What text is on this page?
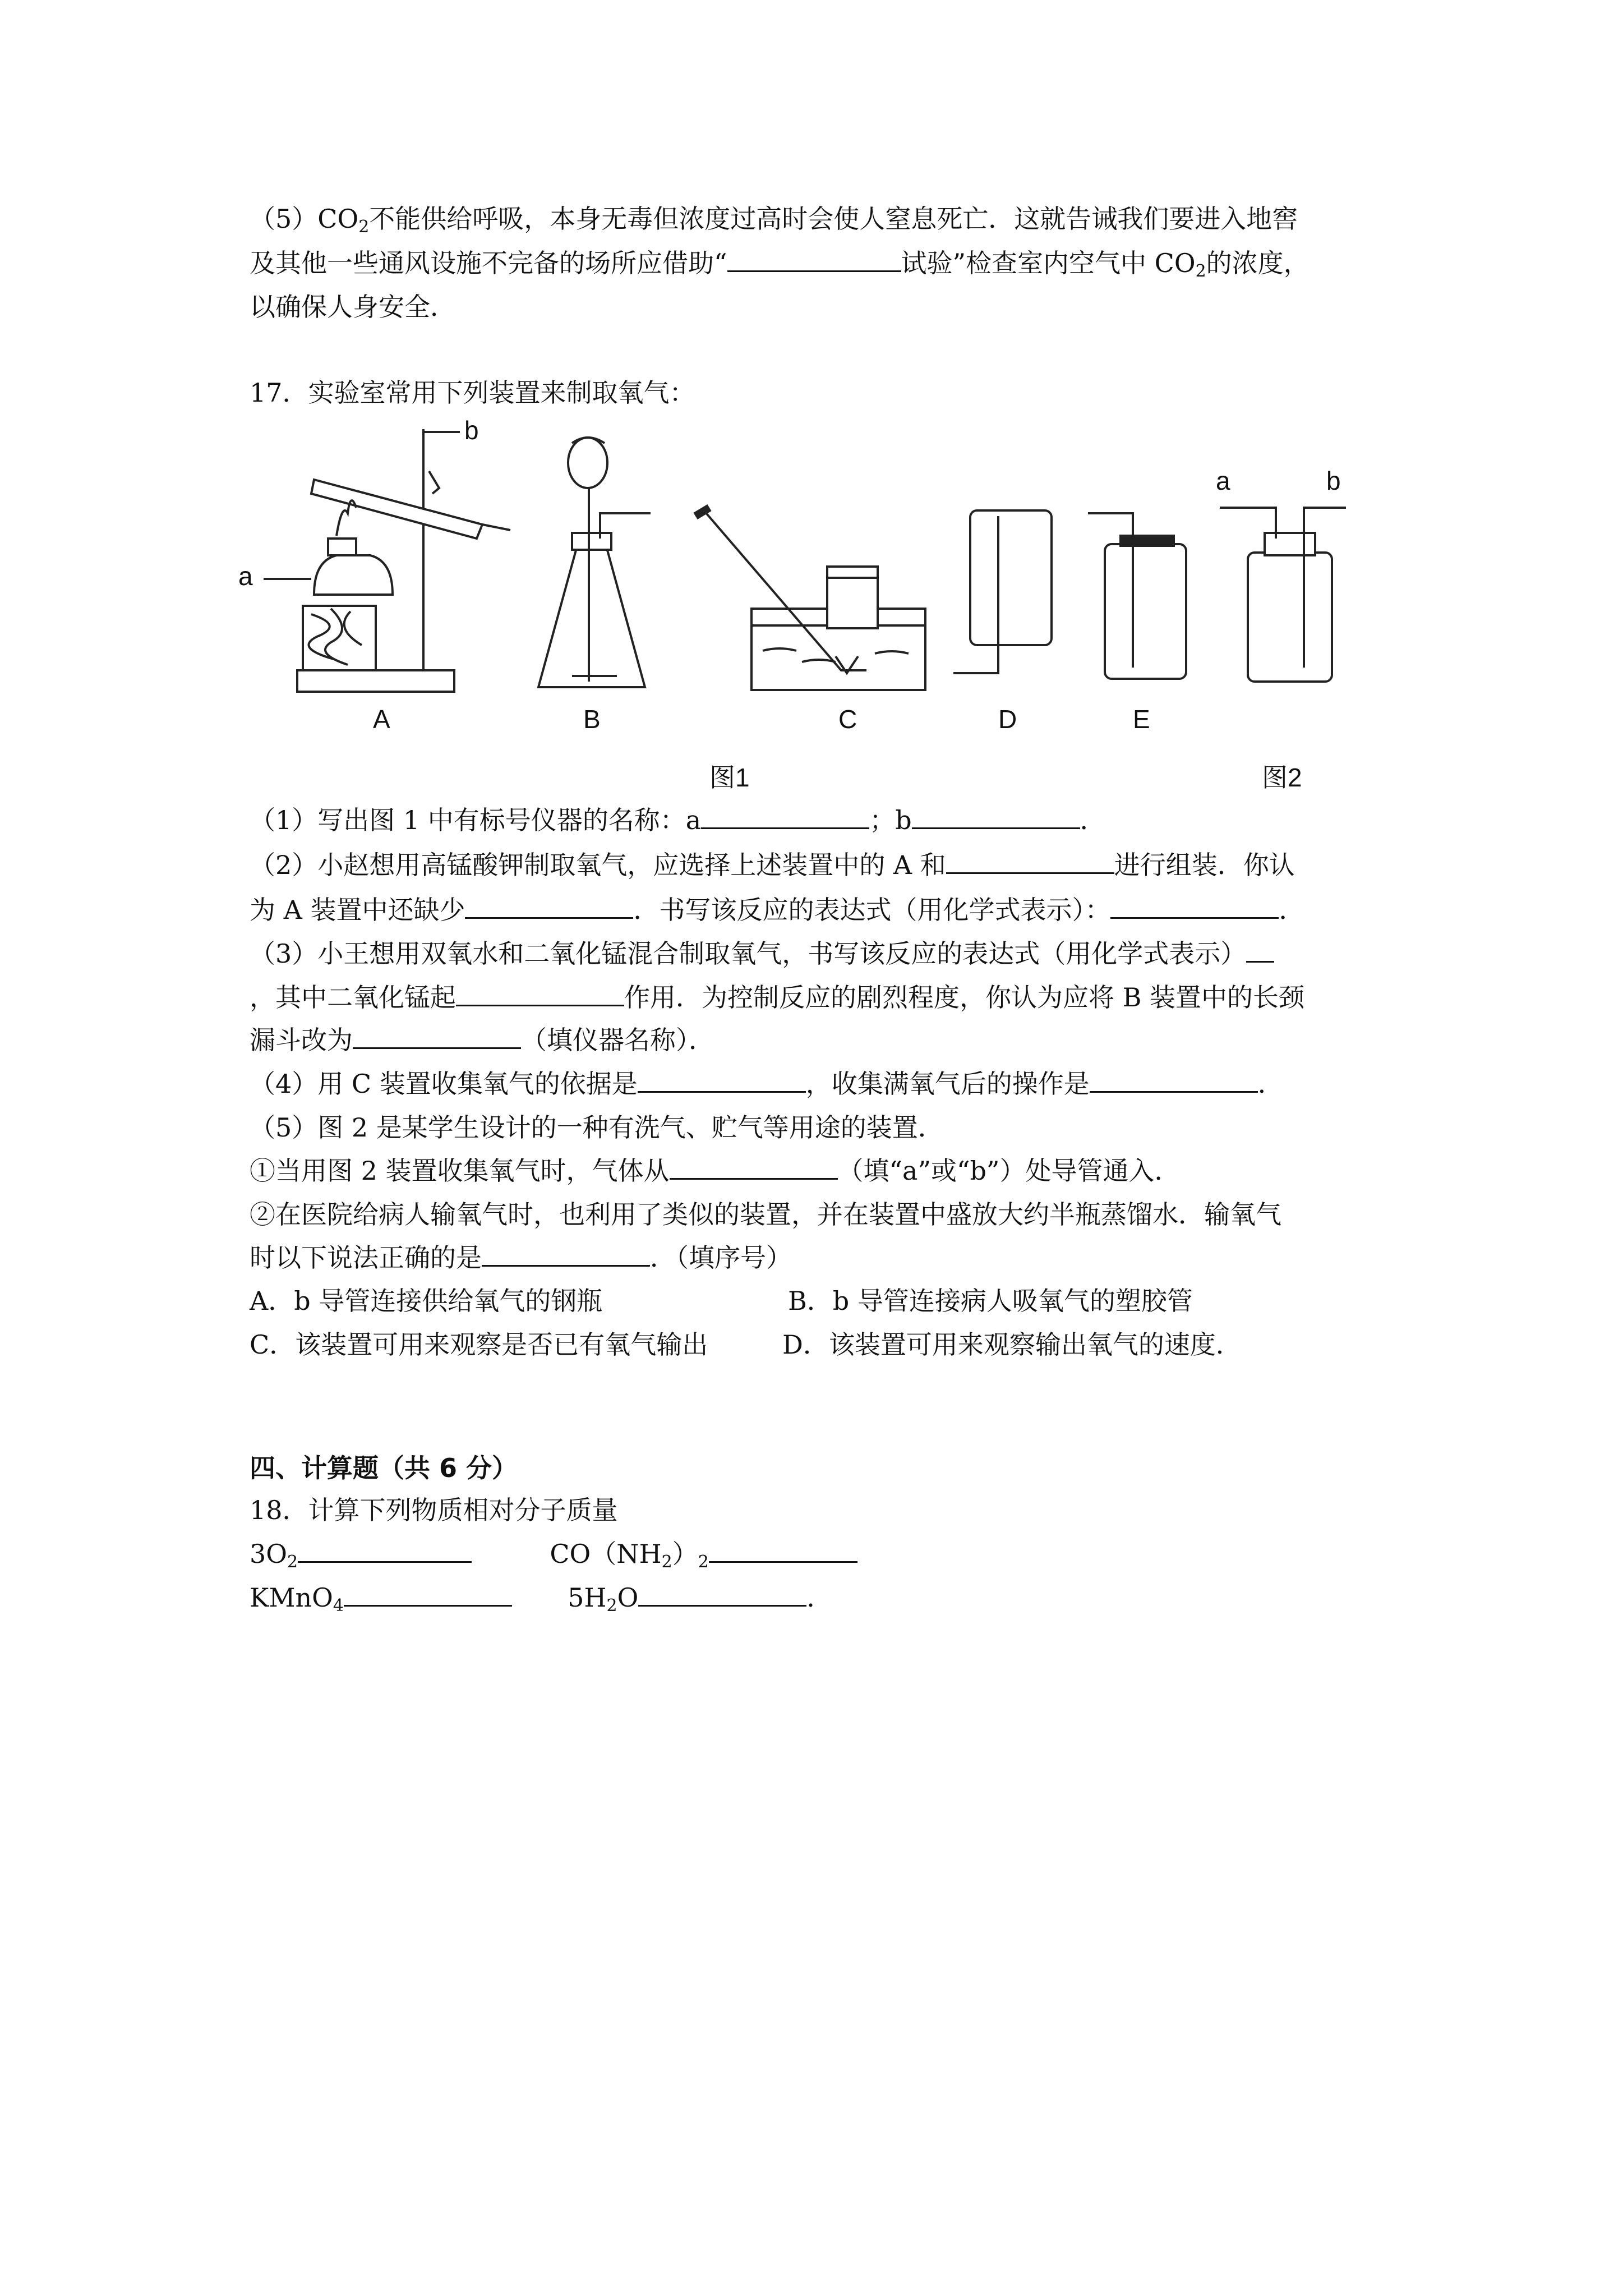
$(5)CO_2$不能供给呼吸，本身无毒但浓度过高时会使人窒息死亡．这就告诫我们要进入地窖
及其他一些通风设施不完备的场所应借助“	试验”检查室内空气中 $CO_2$的浓度，
以确保人身安全．
17．实验室常用下列装置来制取氧气：
a
b
a	b
A	B	C	D	E
图1	图2
（1）写出图 1 中有标号仪器的名称：a	；b	．
（2）小赵想用高锰酸钾制取氧气，应选择上述装置中的 A 和	进行组装．你认
为 A 装置中还缺少	．书写该反应的表达式（用化学式表示）：	．
（3）小王想用双氧水和二氧化锰混合制取氧气，书写该反应的表达式（用化学式表示）
，其中二氧化锰起	作用．为控制反应的剧烈程度，你认为应将 B 装置中的长颈
漏斗改为	（填仪器名称）．
（4）用 C 装置收集氧气的依据是	，收集满氧气后的操作是	．
（5）图 2 是某学生设计的一种有洗气、贮气等用途的装置．
①当用图 2 装置收集氧气时，气体从	（填“a”或“b”）处导管通入．
②在医院给病人输氧气时，也利用了类似的装置，并在装置中盛放大约半瓶蒸馏水．输氧气
时以下说法正确的是	．（填序号）
A．b 导管连接供给氧气的钢瓶	B．b 导管连接病人吸氧气的塑胶管
C．该装置可用来观察是否已有氧气输出	D．该装置可用来观察输出氧气的速度．
四、计算题（共 6 分）
18．计算下列物质相对分子质量
$3O_2$	$CO(NH_2)_2$
KMnO$_4$	$5H_2O$	．
